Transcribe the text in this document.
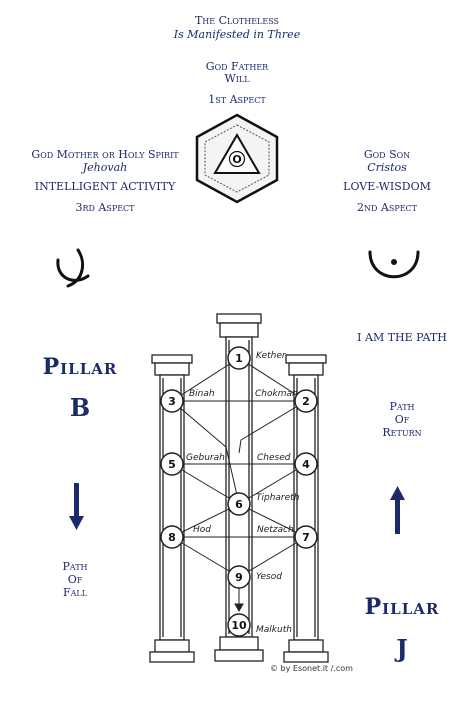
The Clotheless
Is Manifested in Three
God Father
Will
1st Aspect
God Mother or Holy Spirit
Jehovah
INTELLIGENT ACTIVITY
3rd Aspect
God Son
Cristos
LOVE-WISDOM
2nd Aspect
I AM THE PATH
Path
Of
Return
Pillar
B
Path
Of
Fall
Pillar
J
O
1 Kether
2
Chokmah
3
Binah
4
Chesed
5 Geburah
6 Tiphareth
7
Netzach
8
Hod
9 Yesod
10 Malkuth
© by Esonet.it /.com
